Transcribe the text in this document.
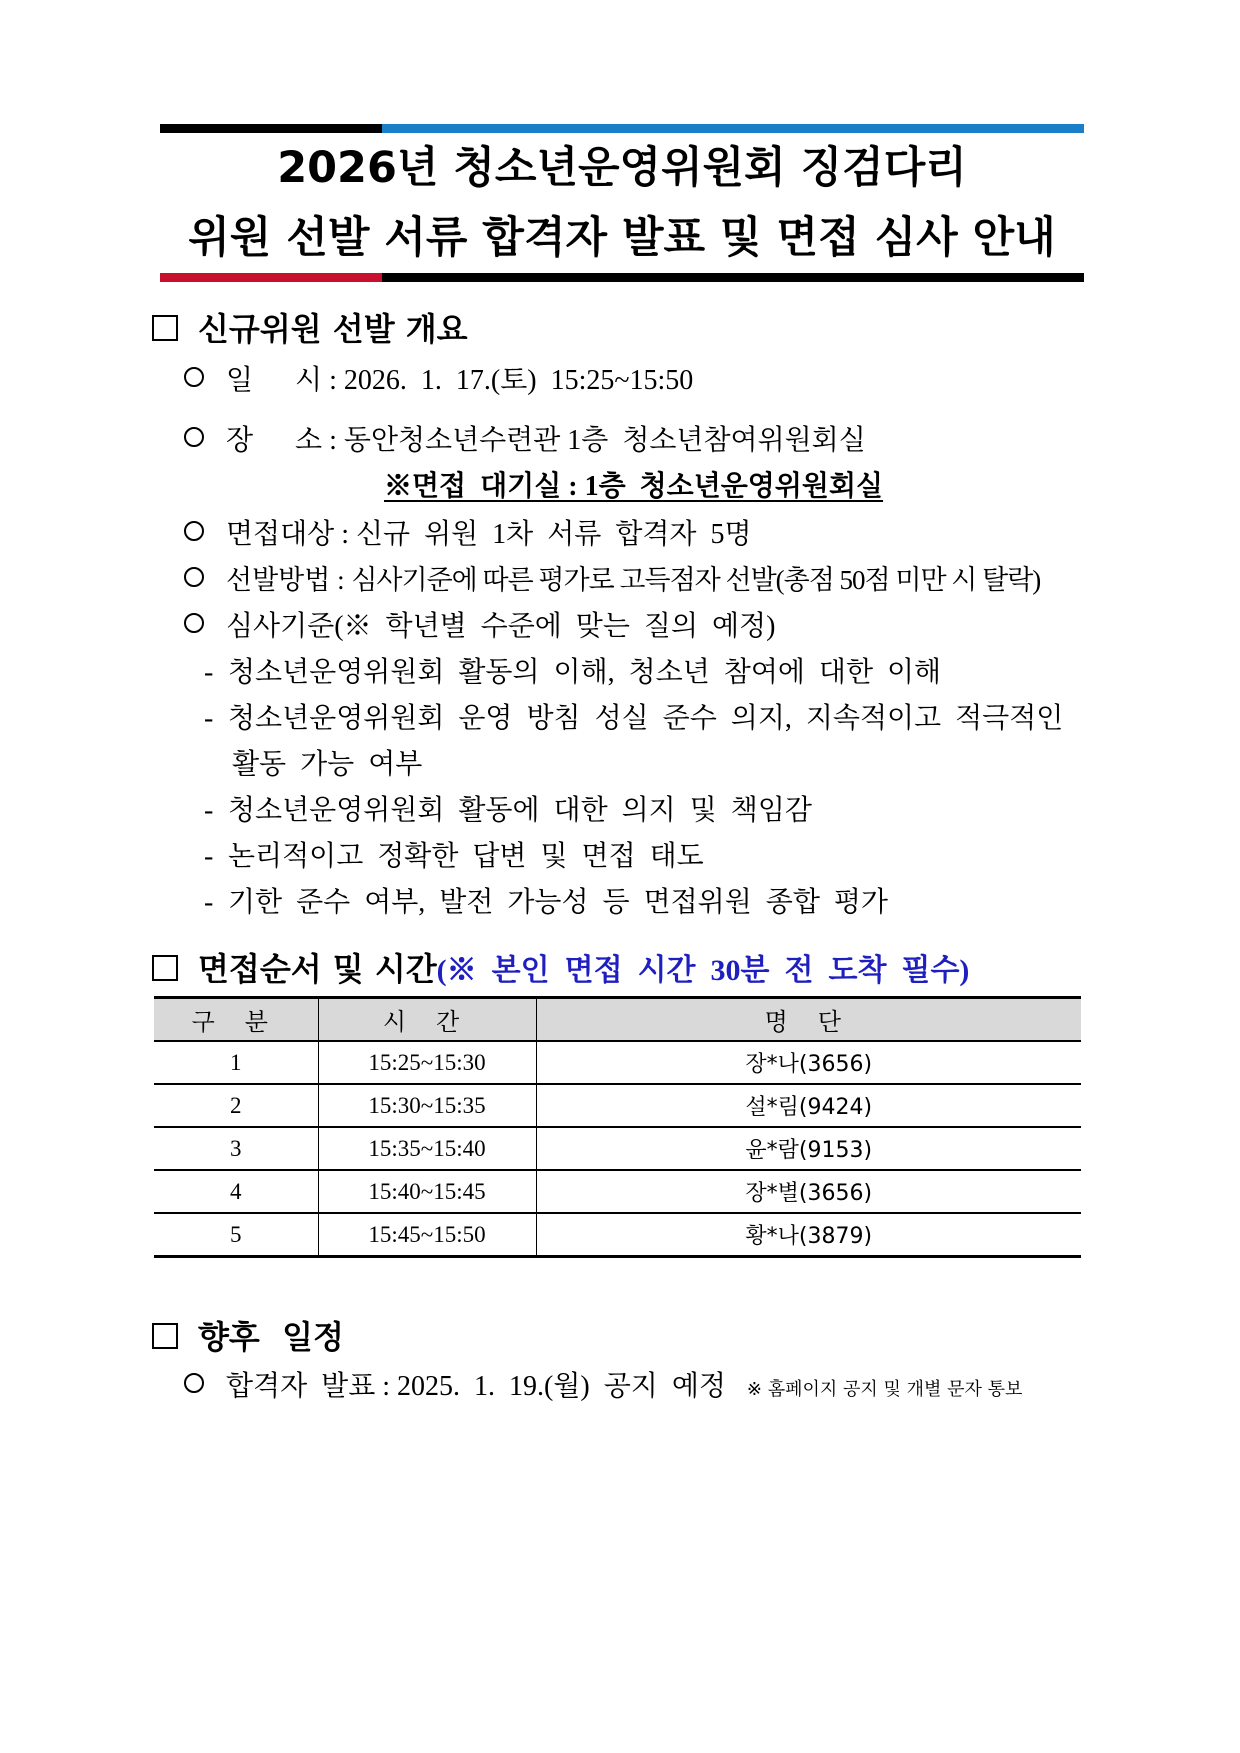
2026년 청소년운영위원회 징검다리
위원 선발 서류 합격자 발표 및 면접 심사 안내
신규위원 선발 개요
일      시 : 2026.  1.  17.(토)  15:25~15:50
장      소 : 동안청소년수련관 1층  청소년참여위원회실
※면접  대기실 : 1층  청소년운영위원회실
면접대상 : 신규  위원  1차  서류  합격자  5명
선발방법 : 심사기준에 따른 평가로 고득점자 선발(총점 50점 미만 시 탈락)
심사기준(※  학년별  수준에  맞는  질의  예정)
- 청소년운영위원회  활동의  이해,  청소년  참여에  대한  이해
- 청소년운영위원회  운영  방침  성실  준수  의지,  지속적이고  적극적인
활동  가능  여부
- 청소년운영위원회  활동에  대한  의지  및  책임감
- 논리적이고  정확한  답변  및  면접  태도
- 기한  준수  여부,  발전  가능성  등  면접위원  종합  평가
면접순서 및 시간(※  본인  면접  시간  30분  전  도착  필수)
구 분	시 간	명 단
1	15:25~15:30	장*나(3656)
2	15:30~15:35	설*림(9424)
3	15:35~15:40	윤*람(9153)
4	15:40~15:45	장*별(3656)
5	15:45~15:50	황*나(3879)
향후  일정
합격자  발표 : 2025.  1.  19.(월)  공지  예정 ※ 홈페이지 공지 및 개별 문자 통보
